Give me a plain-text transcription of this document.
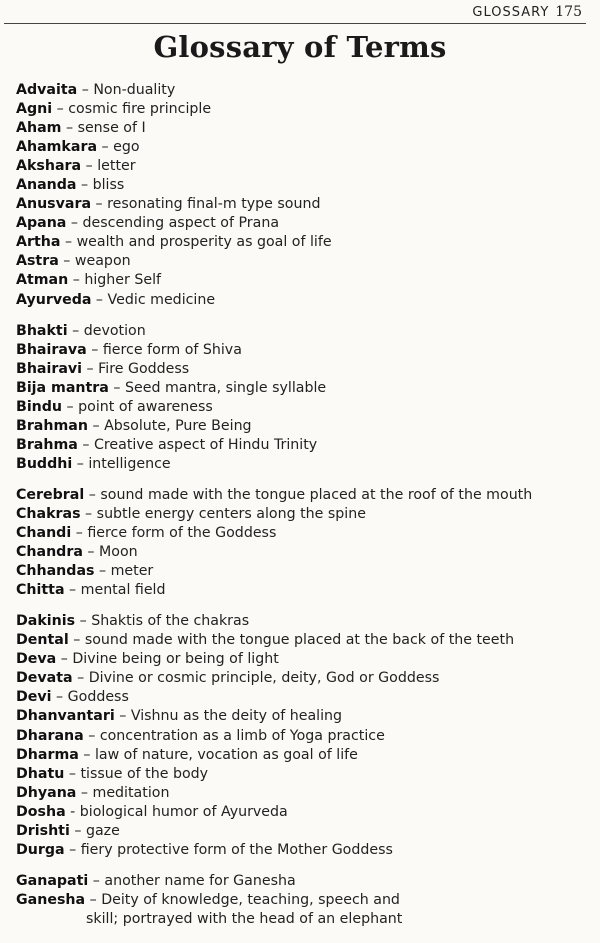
GLOSSARY 175
Glossary of Terms
Advaita – Non-duality
Agni – cosmic fire principle
Aham – sense of I
Ahamkara – ego
Akshara – letter
Ananda – bliss
Anusvara – resonating final-m type sound
Apana – descending aspect of Prana
Artha – wealth and prosperity as goal of life
Astra – weapon
Atman – higher Self
Ayurveda – Vedic medicine
Bhakti – devotion
Bhairava – fierce form of Shiva
Bhairavi – Fire Goddess
Bija mantra – Seed mantra, single syllable
Bindu – point of awareness
Brahman – Absolute, Pure Being
Brahma – Creative aspect of Hindu Trinity
Buddhi – intelligence
Cerebral – sound made with the tongue placed at the roof of the mouth
Chakras – subtle energy centers along the spine
Chandi – fierce form of the Goddess
Chandra – Moon
Chhandas – meter
Chitta – mental field
Dakinis – Shaktis of the chakras
Dental – sound made with the tongue placed at the back of the teeth
Deva – Divine being or being of light
Devata – Divine or cosmic principle, deity, God or Goddess
Devi – Goddess
Dhanvantari – Vishnu as the deity of healing
Dharana – concentration as a limb of Yoga practice
Dharma – law of nature, vocation as goal of life
Dhatu – tissue of the body
Dhyana – meditation
Dosha - biological humor of Ayurveda
Drishti – gaze
Durga – fiery protective form of the Mother Goddess
Ganapati – another name for Ganesha
Ganesha – Deity of knowledge, teaching, speech and
skill; portrayed with the head of an elephant
